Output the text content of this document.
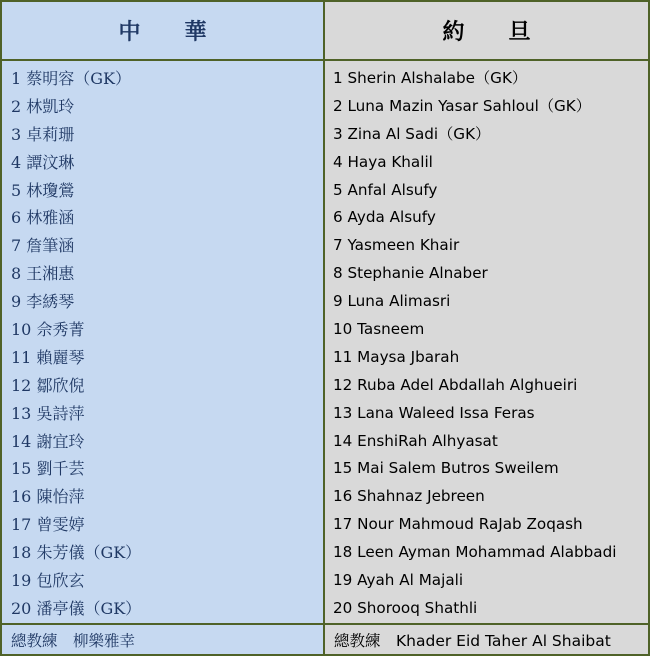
中　　華	約　　旦
1 蔡明容（GK）
2 林凱玲
3 卓莉珊
4 譚汶琳
5 林瓊鶯
6 林雅涵
7 詹筆涵
8 王湘惠
9 李綉琴
10 佘秀菁
11 賴麗琴
12 鄒欣倪
13 吳詩萍
14 謝宜玲
15 劉千芸
16 陳怡萍
17 曾雯婷
18 朱芳儀（GK）
19 包欣玄
20 潘亭儀（GK）
1 Sherin Alshalabe（GK）
2 Luna Mazin Yasar Sahloul（GK）
3 Zina Al Sadi（GK）
4 Haya Khalil
5 Anfal Alsufy
6 Ayda Alsufy
7 Yasmeen Khair
8 Stephanie Alnaber
9 Luna Alimasri
10 Tasneem
11 Maysa Jbarah
12 Ruba Adel Abdallah Alghueiri
13 Lana Waleed Issa Feras
14 EnshiRah Alhyasat
15 Mai Salem Butros Sweilem
16 Shahnaz Jebreen
17 Nour Mahmoud RaJab Zoqash
18 Leen Ayman Mohammad Alabbadi
19 Ayah Al Majali
20 Shorooq Shathli
總教練　柳樂雅幸	總教練　Khader Eid Taher Al Shaibat
